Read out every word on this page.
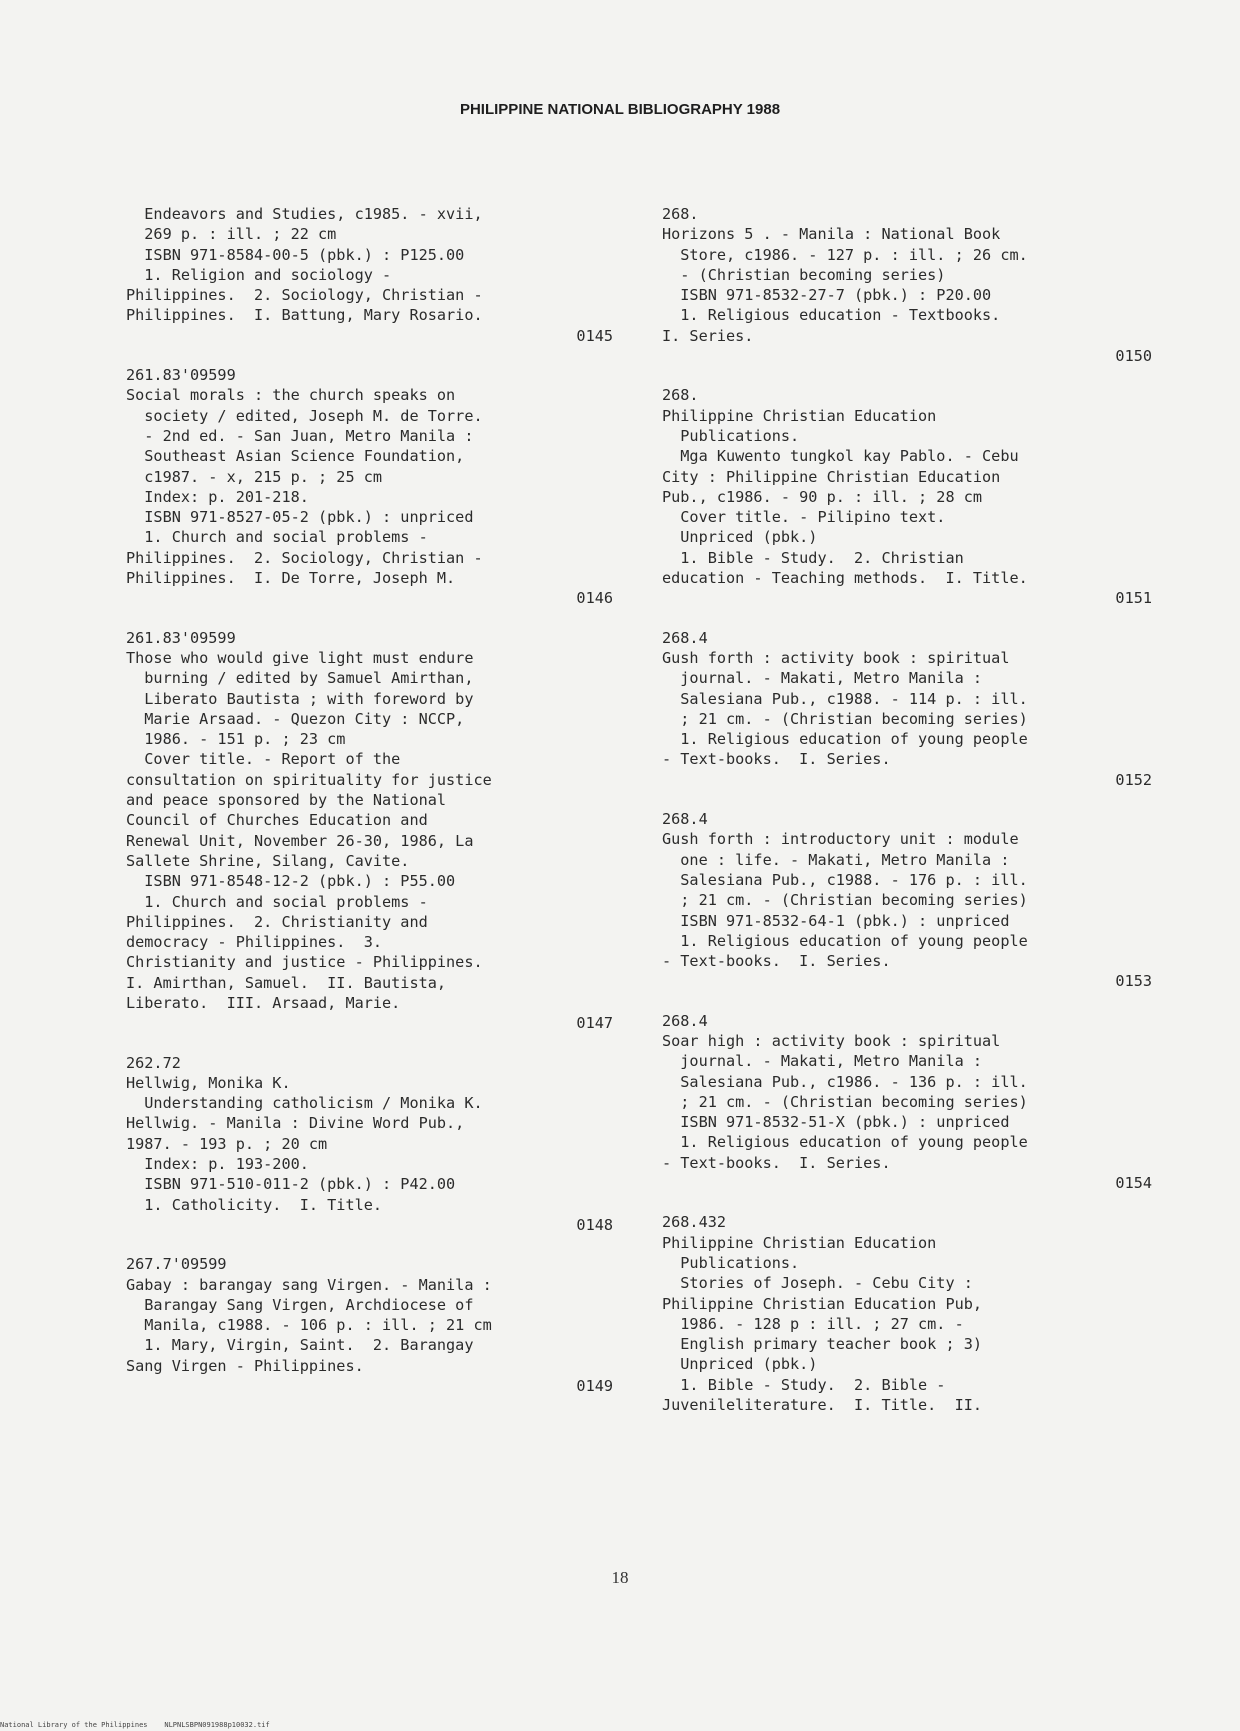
PHILIPPINE NATIONAL BIBLIOGRAPHY 1988
Endeavors and Studies, c1985. - xvii,
269 p. : ill. ; 22 cm
ISBN 971-8584-00-5 (pbk.) : P125.00
1. Religion and sociology -
Philippines.  2. Sociology, Christian -
Philippines.  I. Battung, Mary Rosario.
0145
261.83'09599
Social morals : the church speaks on
society / edited, Joseph M. de Torre.
- 2nd ed. - San Juan, Metro Manila :
Southeast Asian Science Foundation,
c1987. - x, 215 p. ; 25 cm
Index: p. 201-218.
ISBN 971-8527-05-2 (pbk.) : unpriced
1. Church and social problems -
Philippines.  2. Sociology, Christian -
Philippines.  I. De Torre, Joseph M.
0146
261.83'09599
Those who would give light must endure
burning / edited by Samuel Amirthan,
Liberato Bautista ; with foreword by
Marie Arsaad. - Quezon City : NCCP,
1986. - 151 p. ; 23 cm
Cover title. - Report of the
consultation on spirituality for justice
and peace sponsored by the National
Council of Churches Education and
Renewal Unit, November 26-30, 1986, La
Sallete Shrine, Silang, Cavite.
ISBN 971-8548-12-2 (pbk.) : P55.00
1. Church and social problems -
Philippines.  2. Christianity and
democracy - Philippines.  3.
Christianity and justice - Philippines.
I. Amirthan, Samuel.  II. Bautista,
Liberato.  III. Arsaad, Marie.
0147
262.72
Hellwig, Monika K.
Understanding catholicism / Monika K.
Hellwig. - Manila : Divine Word Pub.,
1987. - 193 p. ; 20 cm
Index: p. 193-200.
ISBN 971-510-011-2 (pbk.) : P42.00
1. Catholicity.  I. Title.
0148
267.7'09599
Gabay : barangay sang Virgen. - Manila :
Barangay Sang Virgen, Archdiocese of
Manila, c1988. - 106 p. : ill. ; 21 cm
1. Mary, Virgin, Saint.  2. Barangay
Sang Virgen - Philippines.
0149
268.
Horizons 5 . - Manila : National Book
Store, c1986. - 127 p. : ill. ; 26 cm.
- (Christian becoming series)
ISBN 971-8532-27-7 (pbk.) : P20.00
1. Religious education - Textbooks.
I. Series.
0150
268.
Philippine Christian Education
Publications.
Mga Kuwento tungkol kay Pablo. - Cebu
City : Philippine Christian Education
Pub., c1986. - 90 p. : ill. ; 28 cm
Cover title. - Pilipino text.
Unpriced (pbk.)
1. Bible - Study.  2. Christian
education - Teaching methods.  I. Title.
0151
268.4
Gush forth : activity book : spiritual
journal. - Makati, Metro Manila :
Salesiana Pub., c1988. - 114 p. : ill.
; 21 cm. - (Christian becoming series)
1. Religious education of young people
- Text-books.  I. Series.
0152
268.4
Gush forth : introductory unit : module
one : life. - Makati, Metro Manila :
Salesiana Pub., c1988. - 176 p. : ill.
; 21 cm. - (Christian becoming series)
ISBN 971-8532-64-1 (pbk.) : unpriced
1. Religious education of young people
- Text-books.  I. Series.
0153
268.4
Soar high : activity book : spiritual
journal. - Makati, Metro Manila :
Salesiana Pub., c1986. - 136 p. : ill.
; 21 cm. - (Christian becoming series)
ISBN 971-8532-51-X (pbk.) : unpriced
1. Religious education of young people
- Text-books.  I. Series.
0154
268.432
Philippine Christian Education
Publications.
Stories of Joseph. - Cebu City :
Philippine Christian Education Pub,
1986. - 128 p : ill. ; 27 cm. -
English primary teacher book ; 3)
Unpriced (pbk.)
1. Bible - Study.  2. Bible -
Juvenileliterature.  I. Title.  II.
18
National Library of the Philippines    NLPNLSBPN091988p10032.tif
